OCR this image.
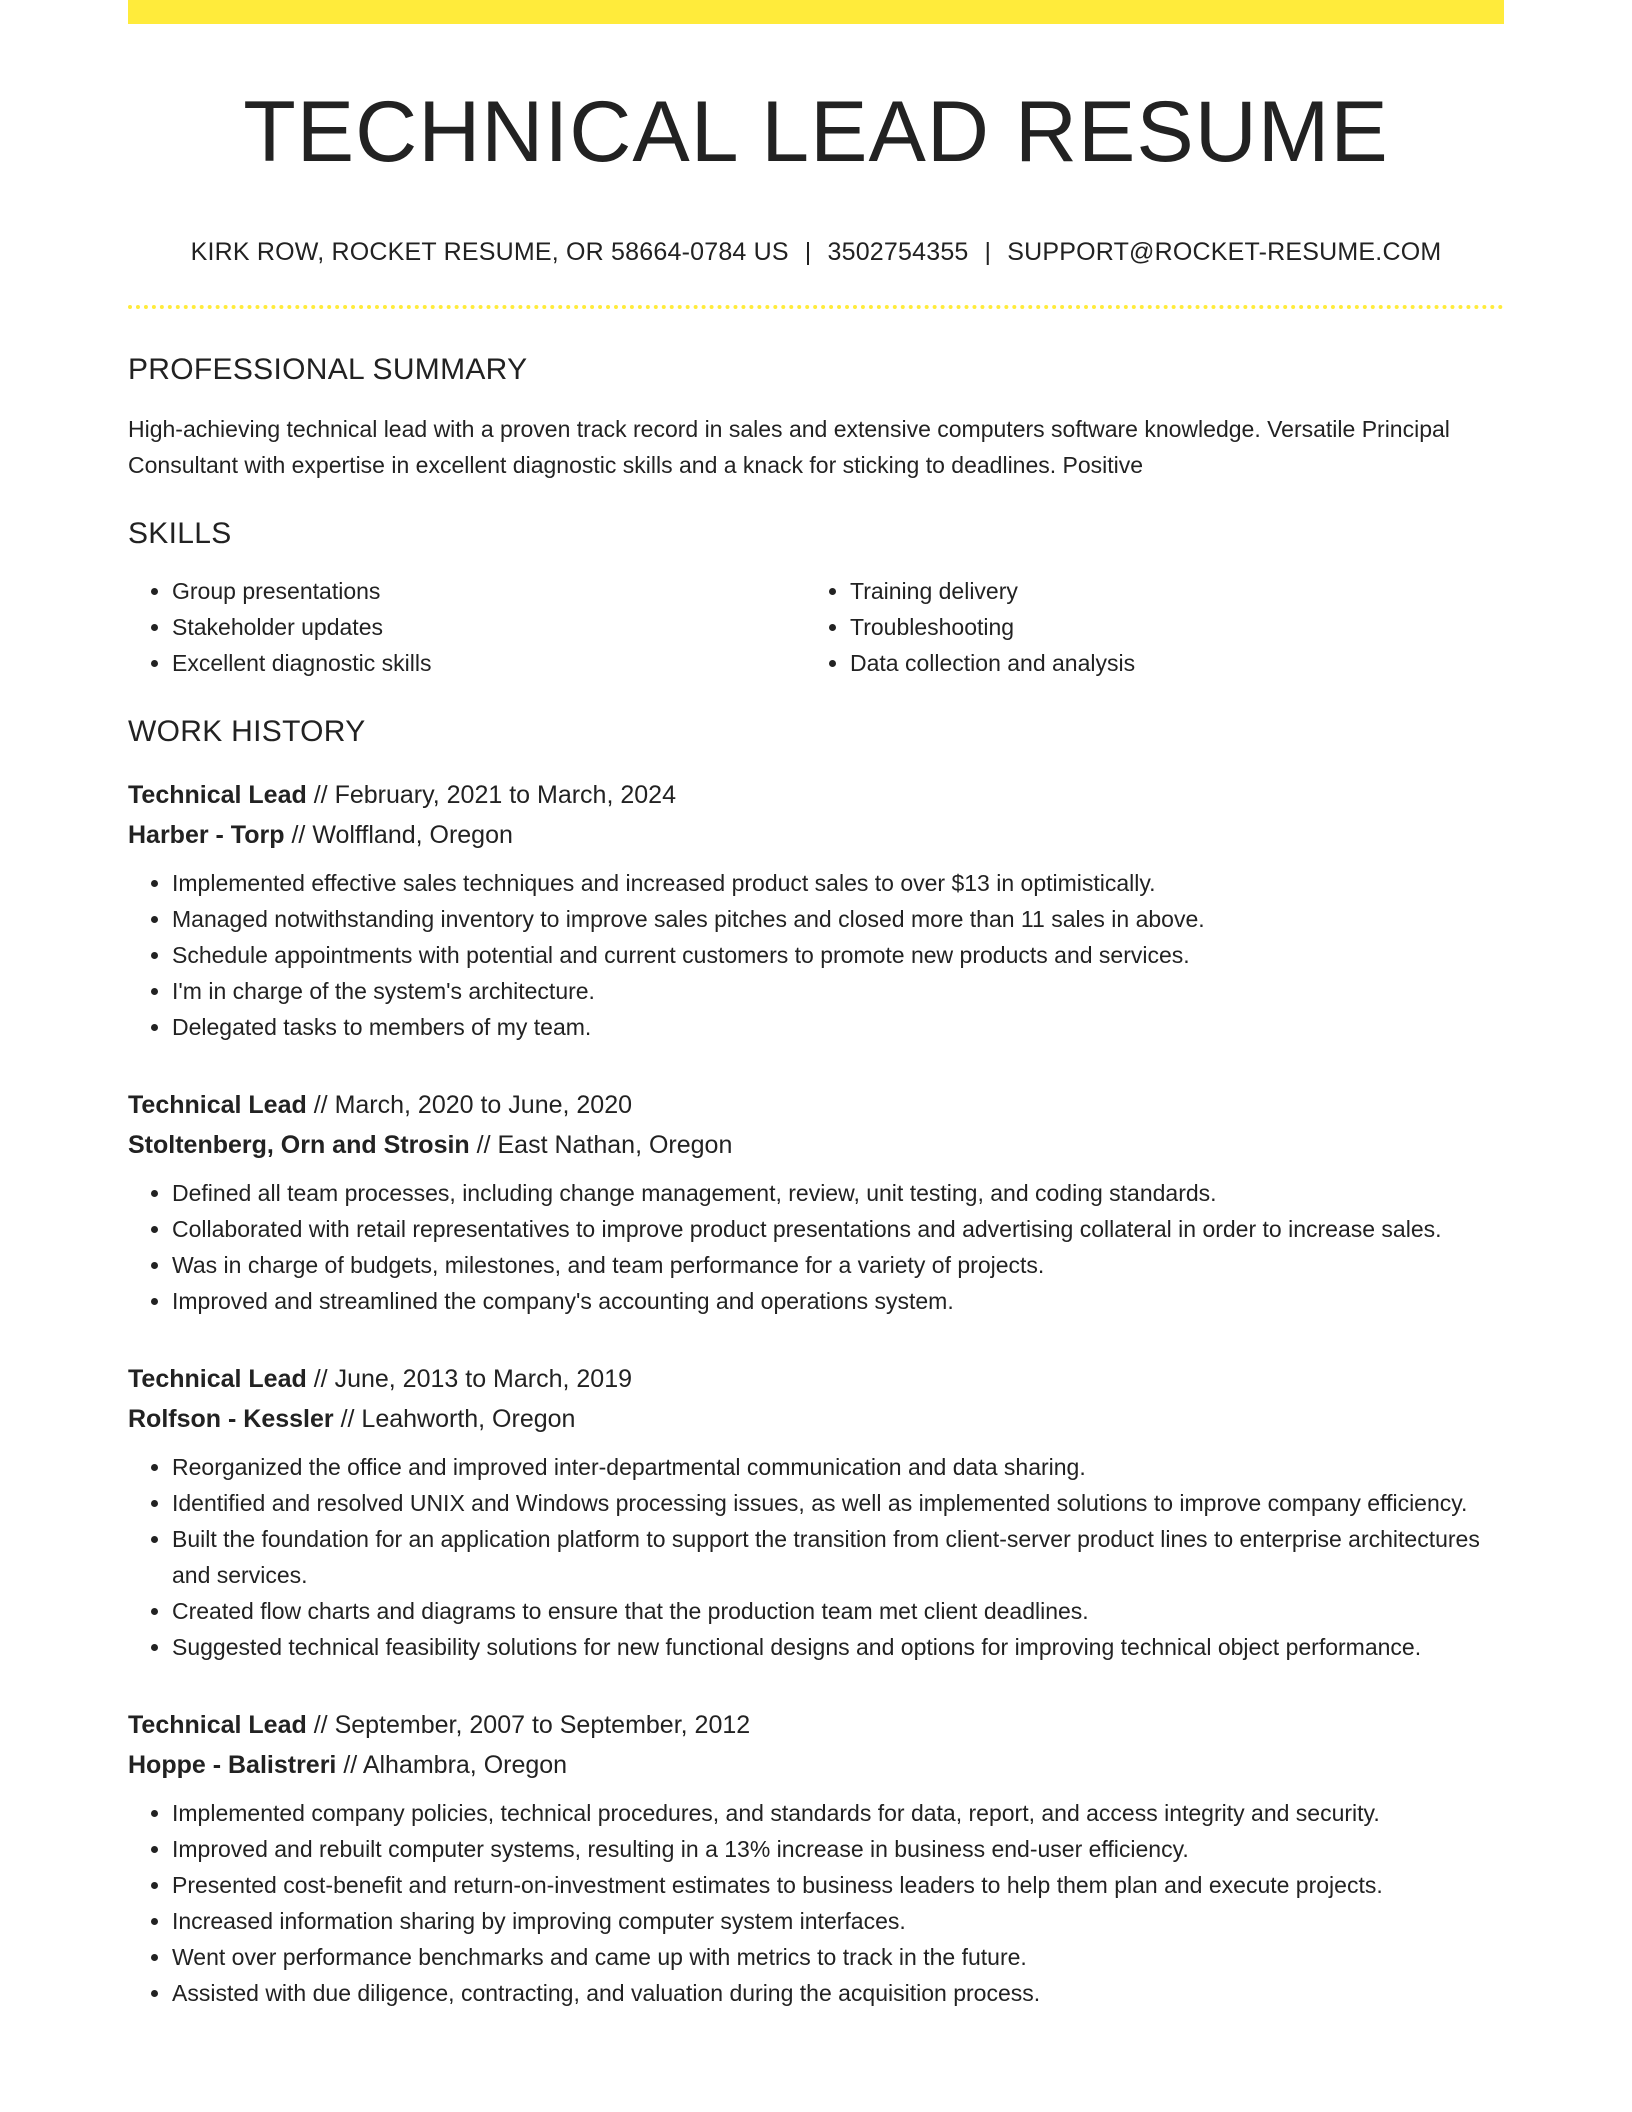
TECHNICAL LEAD RESUME
KIRK ROW, ROCKET RESUME, OR 58664-0784 US | 3502754355 | SUPPORT@ROCKET-RESUME.COM
PROFESSIONAL SUMMARY
High-achieving technical lead with a proven track record in sales and extensive computers software knowledge. Versatile Principal Consultant with expertise in excellent diagnostic skills and a knack for sticking to deadlines. Positive
SKILLS
• Group presentations
• Stakeholder updates
• Excellent diagnostic skills
• Training delivery
• Troubleshooting
• Data collection and analysis
WORK HISTORY
Technical Lead // February, 2021 to March, 2024
Harber - Torp // Wolffland, Oregon
• Implemented effective sales techniques and increased product sales to over $13 in optimistically.
• Managed notwithstanding inventory to improve sales pitches and closed more than 11 sales in above.
• Schedule appointments with potential and current customers to promote new products and services.
• I'm in charge of the system's architecture.
• Delegated tasks to members of my team.
Technical Lead // March, 2020 to June, 2020
Stoltenberg, Orn and Strosin // East Nathan, Oregon
• Defined all team processes, including change management, review, unit testing, and coding standards.
• Collaborated with retail representatives to improve product presentations and advertising collateral in order to increase sales.
• Was in charge of budgets, milestones, and team performance for a variety of projects.
• Improved and streamlined the company's accounting and operations system.
Technical Lead // June, 2013 to March, 2019
Rolfson - Kessler // Leahworth, Oregon
• Reorganized the office and improved inter-departmental communication and data sharing.
• Identified and resolved UNIX and Windows processing issues, as well as implemented solutions to improve company efficiency.
• Built the foundation for an application platform to support the transition from client-server product lines to enterprise architectures and services.
• Created flow charts and diagrams to ensure that the production team met client deadlines.
• Suggested technical feasibility solutions for new functional designs and options for improving technical object performance.
Technical Lead // September, 2007 to September, 2012
Hoppe - Balistreri // Alhambra, Oregon
• Implemented company policies, technical procedures, and standards for data, report, and access integrity and security.
• Improved and rebuilt computer systems, resulting in a 13% increase in business end-user efficiency.
• Presented cost-benefit and return-on-investment estimates to business leaders to help them plan and execute projects.
• Increased information sharing by improving computer system interfaces.
• Went over performance benchmarks and came up with metrics to track in the future.
• Assisted with due diligence, contracting, and valuation during the acquisition process.
